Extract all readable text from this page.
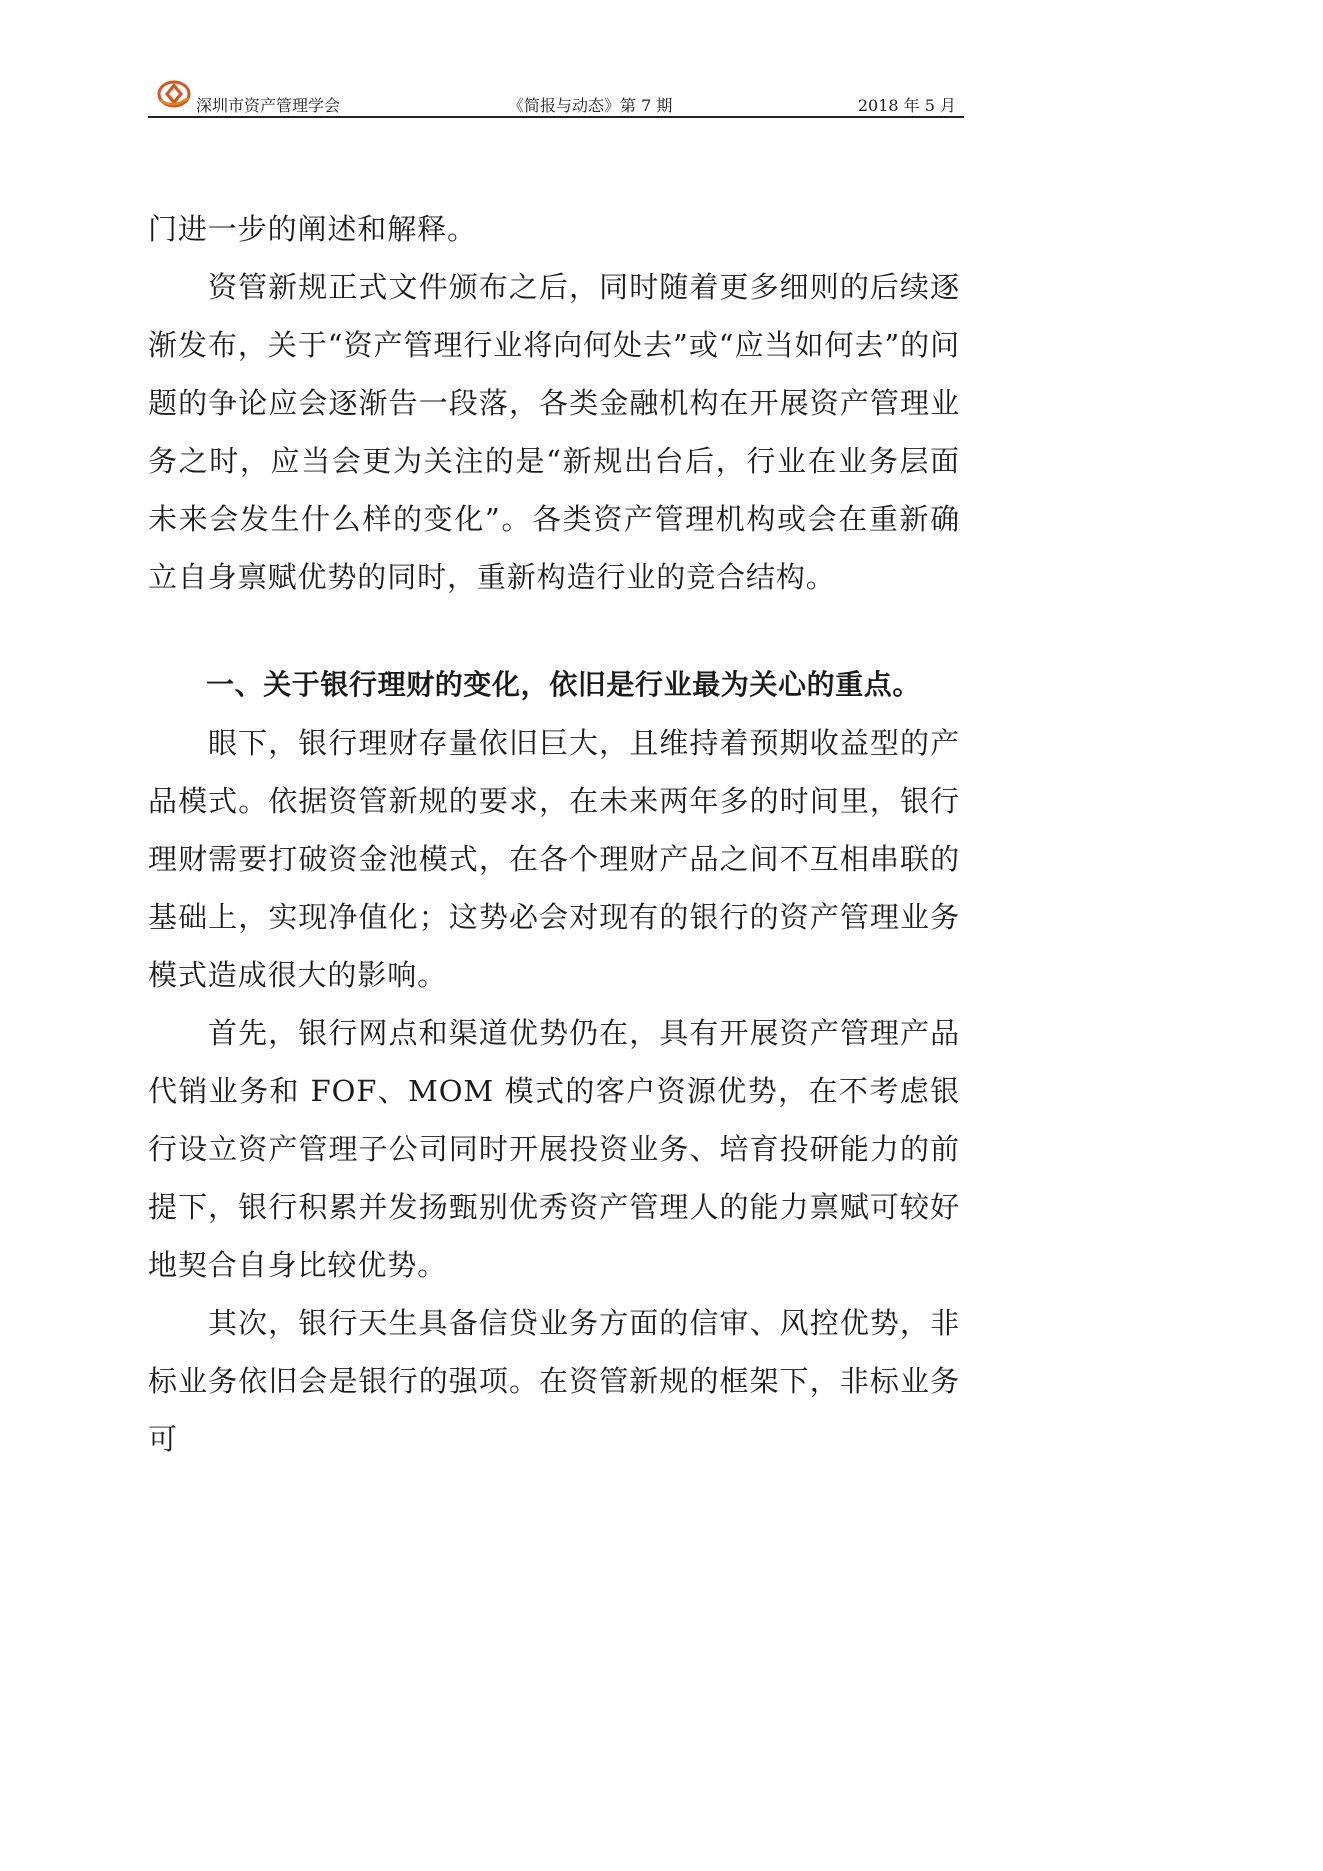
深圳市资产管理学会	《简报与动态》第 7 期	2018 年 5 月

门进一步的阐述和解释。

资管新规正式文件颁布之后，同时随着更多细则的后续逐渐发布，关于“资产管理行业将向何处去”或“应当如何去”的问题的争论应会逐渐告一段落，各类金融机构在开展资产管理业务之时，应当会更为关注的是“新规出台后，行业在业务层面未来会发生什么样的变化”。各类资产管理机构或会在重新确立自身禀赋优势的同时，重新构造行业的竞合结构。

一、关于银行理财的变化，依旧是行业最为关心的重点。

眼下，银行理财存量依旧巨大，且维持着预期收益型的产品模式。依据资管新规的要求，在未来两年多的时间里，银行理财需要打破资金池模式，在各个理财产品之间不互相串联的基础上，实现净值化；这势必会对现有的银行的资产管理业务模式造成很大的影响。

首先，银行网点和渠道优势仍在，具有开展资产管理产品代销业务和 FOF、MOM 模式的客户资源优势，在不考虑银行设立资产管理子公司同时开展投资业务、培育投研能力的前提下，银行积累并发扬甄别优秀资产管理人的能力禀赋可较好地契合自身比较优势。

其次，银行天生具备信贷业务方面的信审、风控优势，非标业务依旧会是银行的强项。在资管新规的框架下，非标业务可
